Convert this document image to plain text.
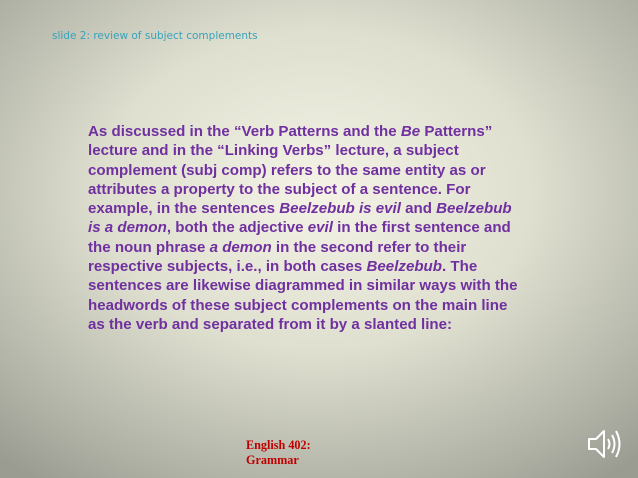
slide 2: review of subject complements
As discussed in the “Verb Patterns and the Be Patterns” lecture and in the “Linking Verbs” lecture, a subject complement (subj comp) refers to the same entity as or attributes a property to the subject of a sentence. For example, in the sentences Beelzebub is evil and Beelzebub is a demon, both the adjective evil in the first sentence and the noun phrase a demon in the second refer to their respective subjects, i.e., in both cases Beelzebub. The sentences are likewise diagrammed in similar ways with the headwords of these subject complements on the main line as the verb and separated from it by a slanted line:
English 402:
Grammar
